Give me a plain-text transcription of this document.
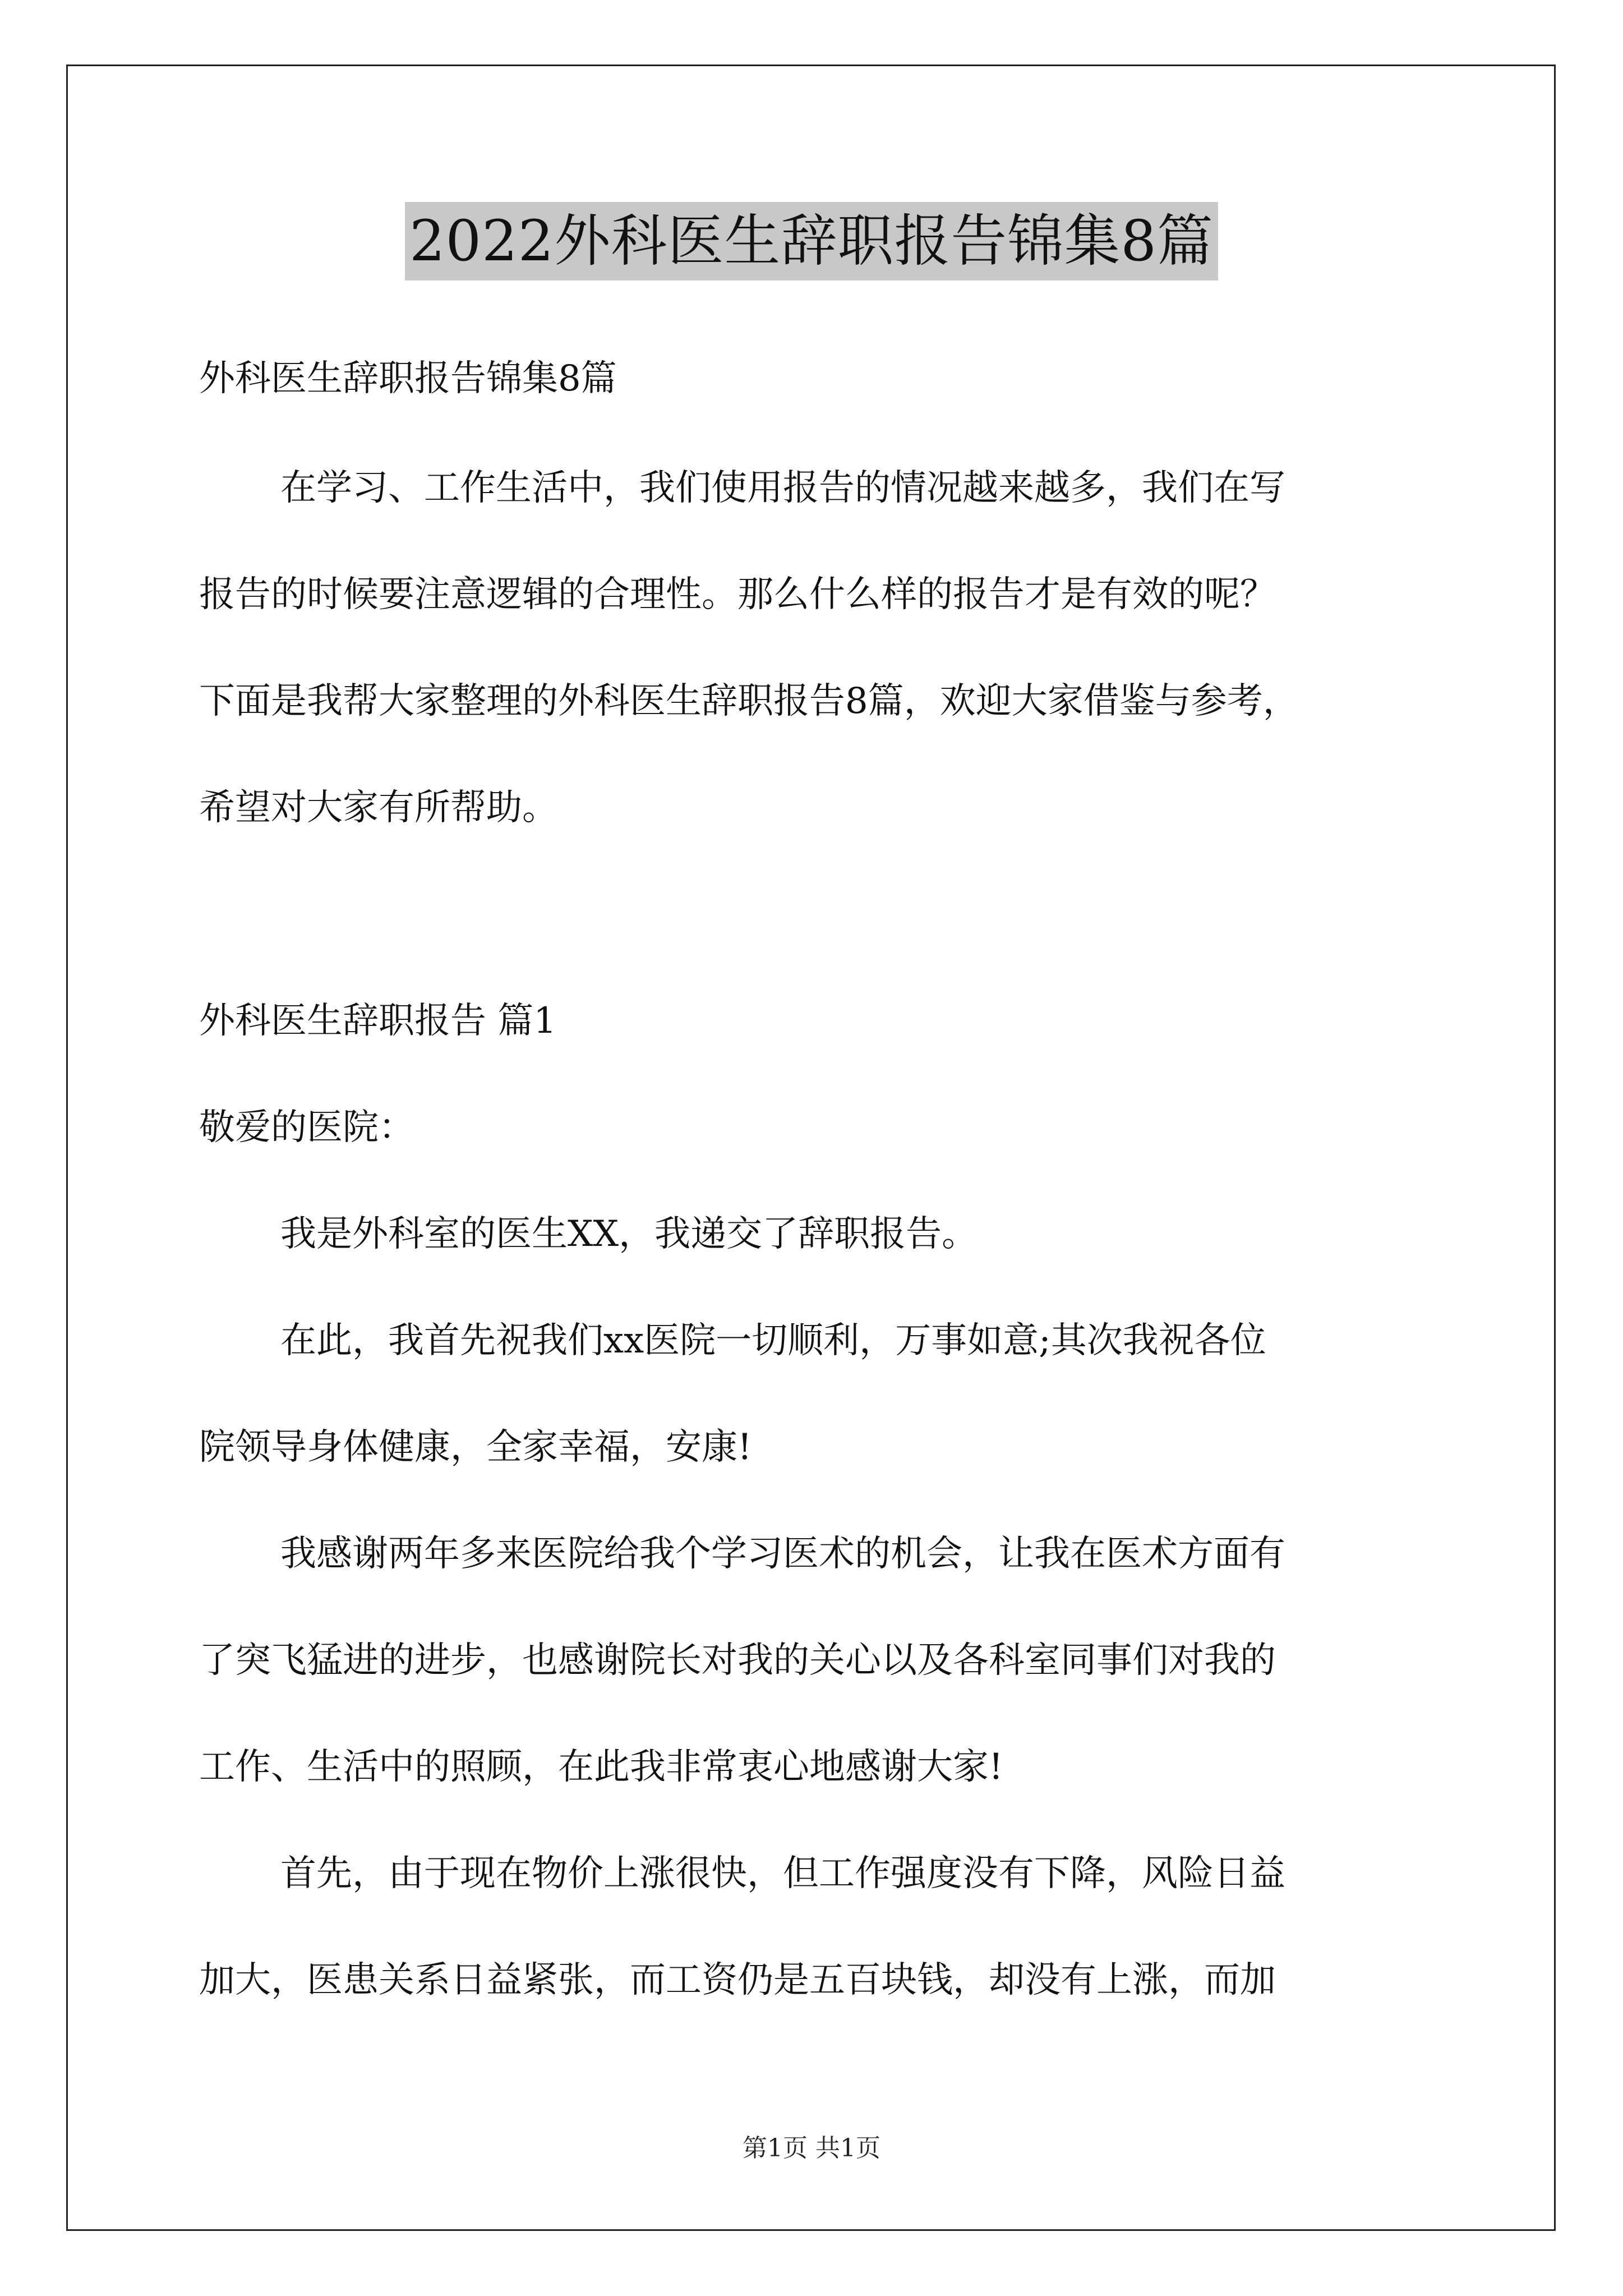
2022外科医生辞职报告锦集8篇
外科医生辞职报告锦集8篇
在学习、工作生活中，我们使用报告的情况越来越多，我们在写
报告的时候要注意逻辑的合理性。那么什么样的报告才是有效的呢？
下面是我帮大家整理的外科医生辞职报告8篇，欢迎大家借鉴与参考，
希望对大家有所帮助。
外科医生辞职报告 篇1
敬爱的医院：
我是外科室的医生XX，我递交了辞职报告。
在此，我首先祝我们xx医院一切顺利，万事如意;其次我祝各位
院领导身体健康，全家幸福，安康!
我感谢两年多来医院给我个学习医术的机会，让我在医术方面有
了突飞猛进的进步，也感谢院长对我的关心以及各科室同事们对我的
工作、生活中的照顾，在此我非常衷心地感谢大家!
首先，由于现在物价上涨很快，但工作强度没有下降，风险日益
加大，医患关系日益紧张，而工资仍是五百块钱，却没有上涨，而加
第1页 共1页
